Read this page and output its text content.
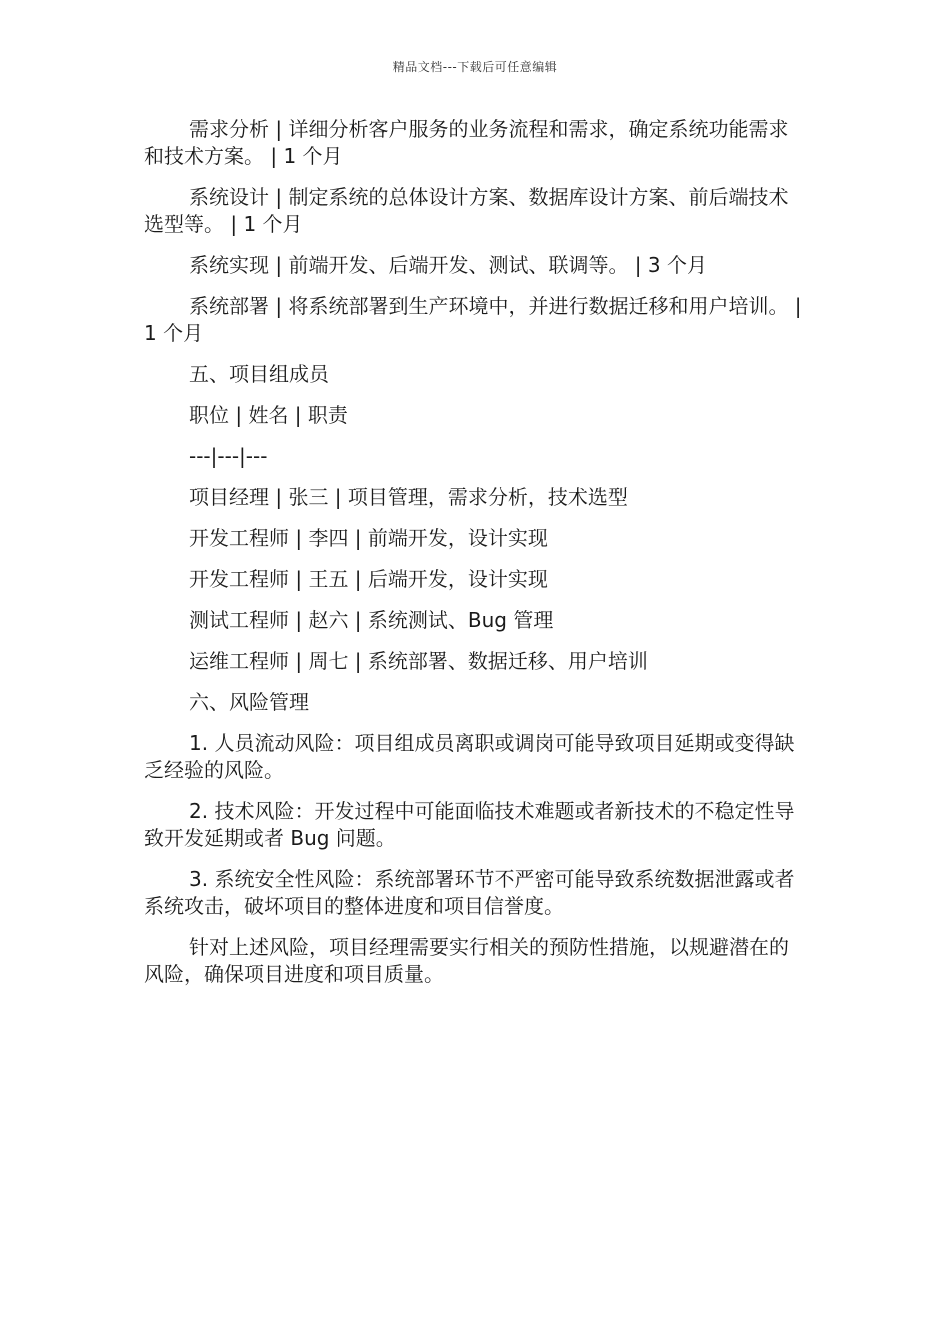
精品文档---下载后可任意编辑

需求分析 | 详细分析客户服务的业务流程和需求，确定系统功能需求和技术方案。 | 1 个月

系统设计 | 制定系统的总体设计方案、数据库设计方案、前后端技术选型等。 | 1 个月

系统实现 | 前端开发、后端开发、测试、联调等。 | 3 个月

系统部署 | 将系统部署到生产环境中，并进行数据迁移和用户培训。 | 1 个月

五、项目组成员

职位 | 姓名 | 职责

---|---|---

项目经理 | 张三 | 项目管理，需求分析，技术选型

开发工程师 | 李四 | 前端开发，设计实现

开发工程师 | 王五 | 后端开发，设计实现

测试工程师 | 赵六 | 系统测试、Bug 管理

运维工程师 | 周七 | 系统部署、数据迁移、用户培训

六、风险管理

1. 人员流动风险：项目组成员离职或调岗可能导致项目延期或变得缺乏经验的风险。

2. 技术风险：开发过程中可能面临技术难题或者新技术的不稳定性导致开发延期或者 Bug 问题。

3. 系统安全性风险：系统部署环节不严密可能导致系统数据泄露或者系统攻击，破坏项目的整体进度和项目信誉度。

针对上述风险，项目经理需要实行相关的预防性措施，以规避潜在的风险，确保项目进度和项目质量。
